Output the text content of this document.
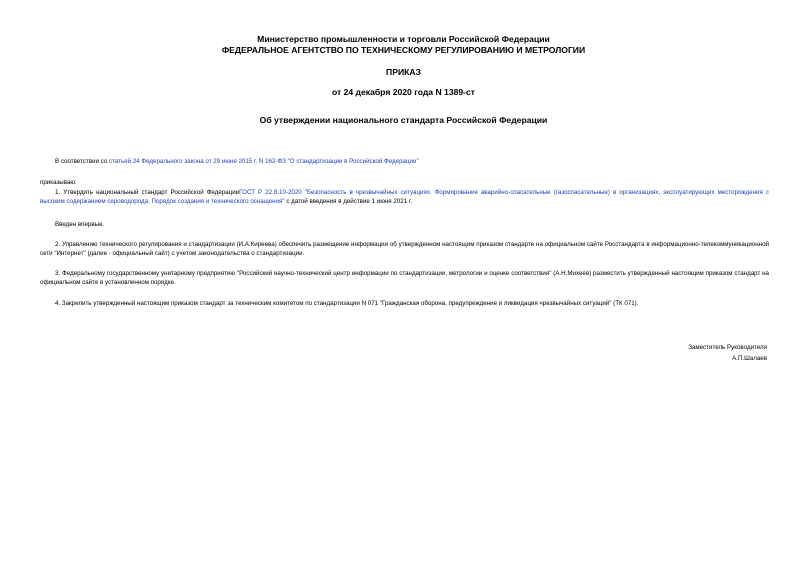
Министерство промышленности и торговли Российской Федерации
ФЕДЕРАЛЬНОЕ АГЕНТСТВО ПО ТЕХНИЧЕСКОМУ РЕГУЛИРОВАНИЮ И МЕТРОЛОГИИ
ПРИКАЗ
от 24 декабря 2020 года N 1389-ст
Об утверждении национального стандарта Российской Федерации
В соответствии со статьей 24 Федерального закона от 29 июня 2015 г. N 162-ФЗ "О стандартизации в Российской Федерации"
приказываю:
1. Утвердить национальный стандарт Российской ФедерацииГОСТ Р 22.8.10-2020 "Безопасность в чрезвычайных ситуациях. Формирования аварийно-спасательные (газоспасательные) в организациях, эксплуатирующих месторождения с высоким содержанием сероводорода. Порядок создания и технического оснащения" с датой введения в действие 1 июня 2021 г.
Введен впервые.
2. Управлению технического регулирования и стандартизации (И.А.Киреева) обеспечить размещение информации об утвержденном настоящим приказом стандарте на официальном сайте Росстандарта в информационно-телекоммуникационной сети "Интернет" (далее - официальный сайт) с учетом законодательства о стандартизации.
3. Федеральному государственному унитарному предприятию "Российский научно-технический центр информации по стандартизации, метрологии и оценке соответствия" (А.Н.Михеев) разместить утвержденный настоящим приказом стандарт на официальном сайте в установленном порядке.
4. Закрепить утвержденный настоящим приказом стандарт за техническим комитетом по стандартизации N 071 "Гражданская оборона, предупреждение и ликвидация чрезвычайных ситуаций" (ТК 071).
Заместитель Руководителя
А.П.Шалаев
